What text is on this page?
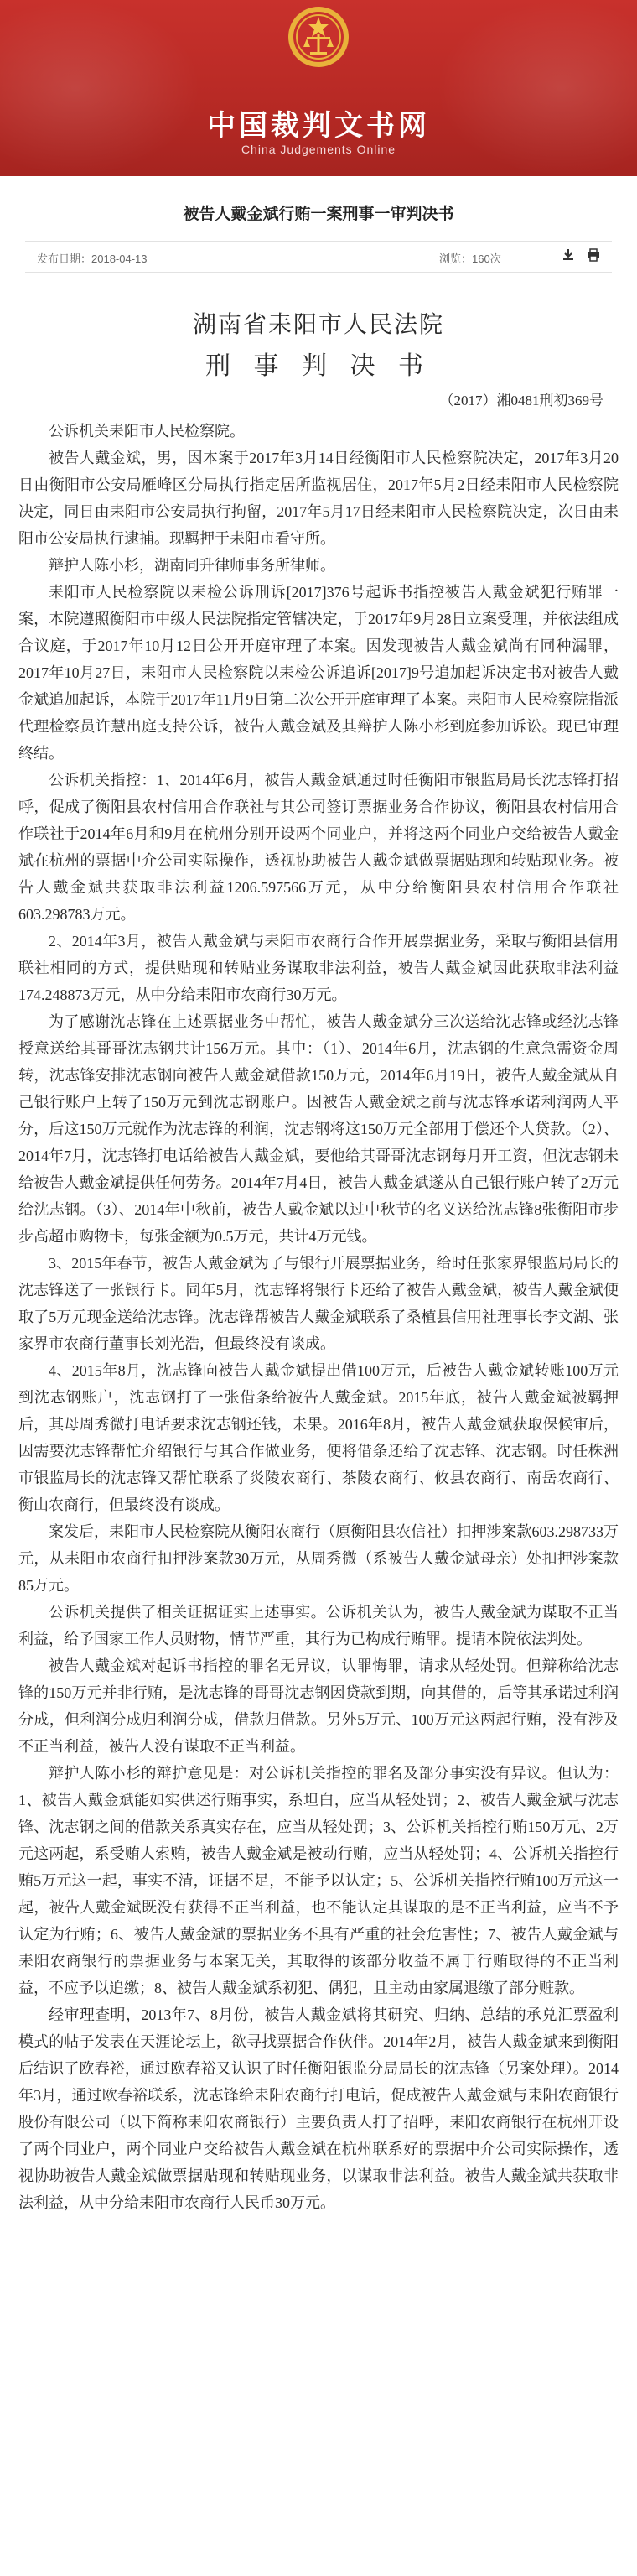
中国裁判文书网
China Judgements Online
被告人戴金斌行贿一案刑事一审判决书
发布日期：2018-04-13	浏览：160次
湖南省耒阳市人民法院
刑 事 判 决 书
（2017）湘0481刑初369号

公诉机关耒阳市人民检察院。

被告人戴金斌，男，因本案于2017年3月14日经衡阳市人民检察院决定，2017年3月20日由衡阳市公安局雁峰区分局执行指定居所监视居住，2017年5月2日经耒阳市人民检察院决定，同日由耒阳市公安局执行拘留，2017年5月17日经耒阳市人民检察院决定，次日由耒阳市公安局执行逮捕。现羁押于耒阳市看守所。

辩护人陈小杉，湖南同升律师事务所律师。

耒阳市人民检察院以耒检公诉刑诉[2017]376号起诉书指控被告人戴金斌犯行贿罪一案，本院遵照衡阳市中级人民法院指定管辖决定，于2017年9月28日立案受理，并依法组成合议庭，于2017年10月12日公开开庭审理了本案。因发现被告人戴金斌尚有同种漏罪，2017年10月27日，耒阳市人民检察院以耒检公诉追诉[2017]9号追加起诉决定书对被告人戴金斌追加起诉，本院于2017年11月9日第二次公开开庭审理了本案。耒阳市人民检察院指派代理检察员许慧出庭支持公诉，被告人戴金斌及其辩护人陈小杉到庭参加诉讼。现已审理终结。

公诉机关指控：1、2014年6月，被告人戴金斌通过时任衡阳市银监局局长沈志锋打招呼，促成了衡阳县农村信用合作联社与其公司签订票据业务合作协议，衡阳县农村信用合作联社于2014年6月和9月在杭州分别开设两个同业户，并将这两个同业户交给被告人戴金斌在杭州的票据中介公司实际操作，透视协助被告人戴金斌做票据贴现和转贴现业务。被告人戴金斌共获取非法利益1206.597566万元，从中分给衡阳县农村信用合作联社603.298783万元。

2、2014年3月，被告人戴金斌与耒阳市农商行合作开展票据业务，采取与衡阳县信用联社相同的方式，提供贴现和转贴业务谋取非法利益，被告人戴金斌因此获取非法利益174.248873万元，从中分给耒阳市农商行30万元。

为了感谢沈志锋在上述票据业务中帮忙，被告人戴金斌分三次送给沈志锋或经沈志锋授意送给其哥哥沈志钢共计156万元。其中：（1）、2014年6月，沈志钢的生意急需资金周转，沈志锋安排沈志钢向被告人戴金斌借款150万元，2014年6月19日，被告人戴金斌从自己银行账户上转了150万元到沈志钢账户。因被告人戴金斌之前与沈志锋承诺利润两人平分，后这150万元就作为沈志锋的利润，沈志钢将这150万元全部用于偿还个人贷款。（2）、2014年7月，沈志锋打电话给被告人戴金斌，要他给其哥哥沈志钢每月开工资，但沈志钢未给被告人戴金斌提供任何劳务。2014年7月4日，被告人戴金斌遂从自己银行账户转了2万元给沈志钢。（3）、2014年中秋前，被告人戴金斌以过中秋节的名义送给沈志锋8张衡阳市步步高超市购物卡，每张金额为0.5万元，共计4万元钱。

3、2015年春节，被告人戴金斌为了与银行开展票据业务，给时任张家界银监局局长的沈志锋送了一张银行卡。同年5月，沈志锋将银行卡还给了被告人戴金斌，被告人戴金斌便取了5万元现金送给沈志锋。沈志锋帮被告人戴金斌联系了桑植县信用社理事长李文湖、张家界市农商行董事长刘光浩，但最终没有谈成。

4、2015年8月，沈志锋向被告人戴金斌提出借100万元，后被告人戴金斌转账100万元到沈志钢账户，沈志钢打了一张借条给被告人戴金斌。2015年底，被告人戴金斌被羁押后，其母周秀微打电话要求沈志钢还钱，未果。2016年8月，被告人戴金斌获取保候审后，因需要沈志锋帮忙介绍银行与其合作做业务，便将借条还给了沈志锋、沈志钢。时任株洲市银监局长的沈志锋又帮忙联系了炎陵农商行、茶陵农商行、攸县农商行、南岳农商行、衡山农商行，但最终没有谈成。

案发后，耒阳市人民检察院从衡阳农商行（原衡阳县农信社）扣押涉案款603.298733万元，从耒阳市农商行扣押涉案款30万元，从周秀微（系被告人戴金斌母亲）处扣押涉案款85万元。

公诉机关提供了相关证据证实上述事实。公诉机关认为，被告人戴金斌为谋取不正当利益，给予国家工作人员财物，情节严重，其行为已构成行贿罪。提请本院依法判处。

被告人戴金斌对起诉书指控的罪名无异议，认罪悔罪，请求从轻处罚。但辩称给沈志锋的150万元并非行贿，是沈志锋的哥哥沈志钢因贷款到期，向其借的，后等其承诺过利润分成，但利润分成归利润分成，借款归借款。另外5万元、100万元这两起行贿，没有涉及不正当利益，被告人没有谋取不正当利益。

辩护人陈小杉的辩护意见是：对公诉机关指控的罪名及部分事实没有异议。但认为：1、被告人戴金斌能如实供述行贿事实，系坦白，应当从轻处罚；2、被告人戴金斌与沈志锋、沈志钢之间的借款关系真实存在，应当从轻处罚；3、公诉机关指控行贿150万元、2万元这两起，系受贿人索贿，被告人戴金斌是被动行贿，应当从轻处罚；4、公诉机关指控行贿5万元这一起，事实不清，证据不足，不能予以认定；5、公诉机关指控行贿100万元这一起，被告人戴金斌既没有获得不正当利益，也不能认定其谋取的是不正当利益，应当不予认定为行贿；6、被告人戴金斌的票据业务不具有严重的社会危害性；7、被告人戴金斌与耒阳农商银行的票据业务与本案无关，其取得的该部分收益不属于行贿取得的不正当利益，不应予以追缴；8、被告人戴金斌系初犯、偶犯，且主动由家属退缴了部分赃款。

经审理查明，2013年7、8月份，被告人戴金斌将其研究、归纳、总结的承兑汇票盈利模式的帖子发表在天涯论坛上，欲寻找票据合作伙伴。2014年2月，被告人戴金斌来到衡阳后结识了欧春裕，通过欧春裕又认识了时任衡阳银监分局局长的沈志锋（另案处理）。2014年3月，通过欧春裕联系，沈志锋给耒阳农商行打电话，促成被告人戴金斌与耒阳农商银行股份有限公司（以下简称耒阳农商银行）主要负责人打了招呼，耒阳农商银行在杭州开设了两个同业户，两个同业户交给被告人戴金斌在杭州联系好的票据中介公司实际操作，透视协助被告人戴金斌做票据贴现和转贴现业务，以谋取非法利益。被告人戴金斌共获取非法利益，从中分给耒阳市农商行人民币30万元。
